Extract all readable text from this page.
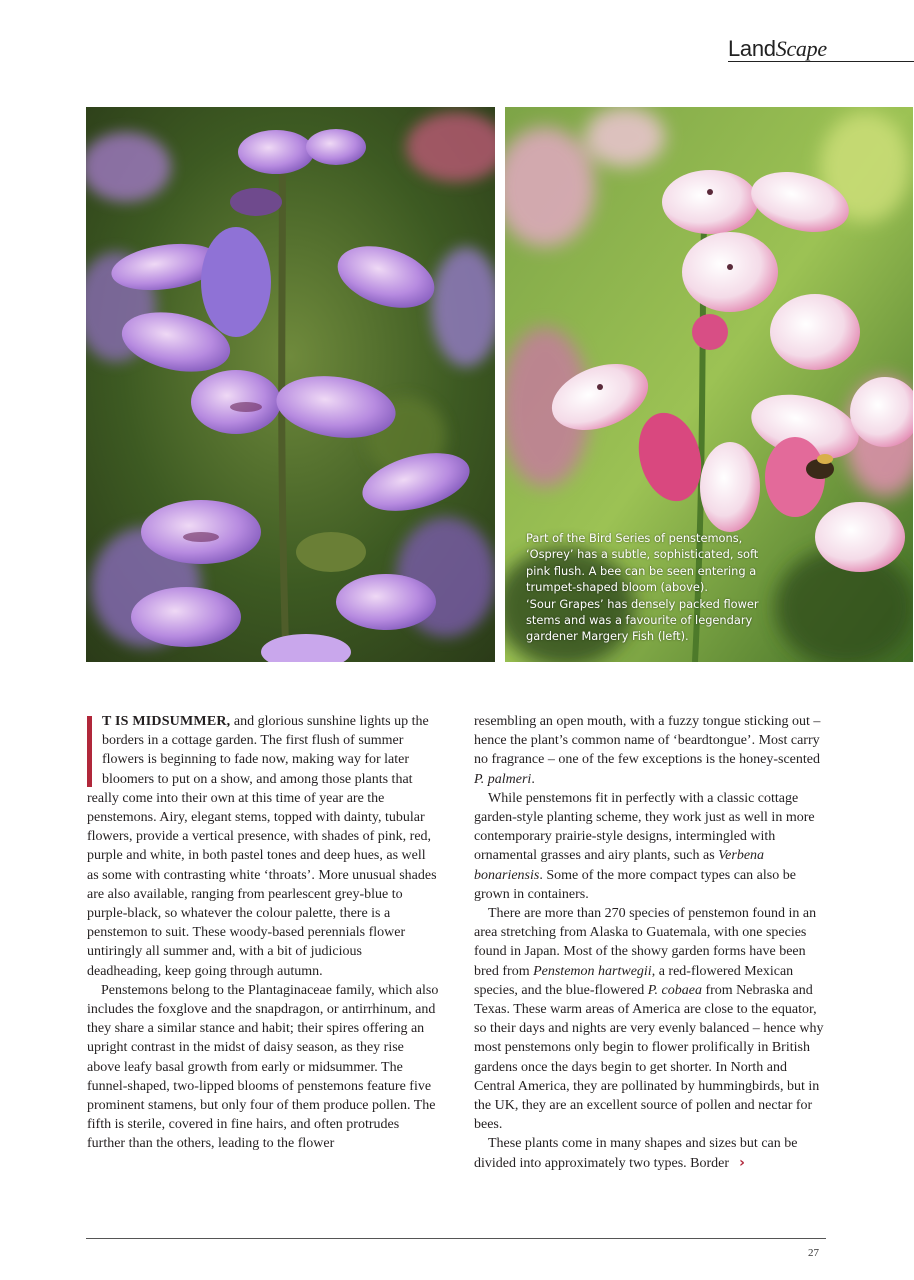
LandScape

Part of the Bird Series of penstemons, ‘Osprey’ has a subtle, sophisticated, soft pink flush. A bee can be seen entering a trumpet-shaped bloom (above).

‘Sour Grapes’ has densely packed flower stems and was a favourite of legendary gardener Margery Fish (left).

T IS MIDSUMMER, and glorious sunshine lights up the borders in a cottage garden. The first flush of summer flowers is beginning to fade now, making way for later bloomers to put on a show, and among those plants that really come into their own at this time of year are the penstemons. Airy, elegant stems, topped with dainty, tubular flowers, provide a vertical presence, with shades of pink, red, purple and white, in both pastel tones and deep hues, as well as some with contrasting white ‘throats’. More unusual shades are also available, ranging from pearlescent grey-blue to purple-black, so whatever the colour palette, there is a penstemon to suit. These woody-based perennials flower untiringly all summer and, with a bit of judicious deadheading, keep going through autumn.

Penstemons belong to the Plantaginaceae family, which also includes the foxglove and the snapdragon, or antirrhinum, and they share a similar stance and habit; their spires offering an upright contrast in the midst of daisy season, as they rise above leafy basal growth from early or midsummer. The funnel-shaped, two-lipped blooms of penstemons feature five prominent stamens, but only four of them produce pollen. The fifth is sterile, covered in fine hairs, and often protrudes further than the others, leading to the flower

resembling an open mouth, with a fuzzy tongue sticking out – hence the plant’s common name of ‘beardtongue’. Most carry no fragrance – one of the few exceptions is the honey-scented P. palmeri.

While penstemons fit in perfectly with a classic cottage garden-style planting scheme, they work just as well in more contemporary prairie-style designs, intermingled with ornamental grasses and airy plants, such as Verbena bonariensis. Some of the more compact types can also be grown in containers.

There are more than 270 species of penstemon found in an area stretching from Alaska to Guatemala, with one species found in Japan. Most of the showy garden forms have been bred from Penstemon hartwegii, a red-flowered Mexican species, and the blue-flowered P. cobaea from Nebraska and Texas. These warm areas of America are close to the equator, so their days and nights are very evenly balanced – hence why most penstemons only begin to flower prolifically in British gardens once the days begin to get shorter. In North and Central America, they are pollinated by hummingbirds, but in the UK, they are an excellent source of pollen and nectar for bees.

These plants come in many shapes and sizes but can be divided into approximately two types. Border ›

27
